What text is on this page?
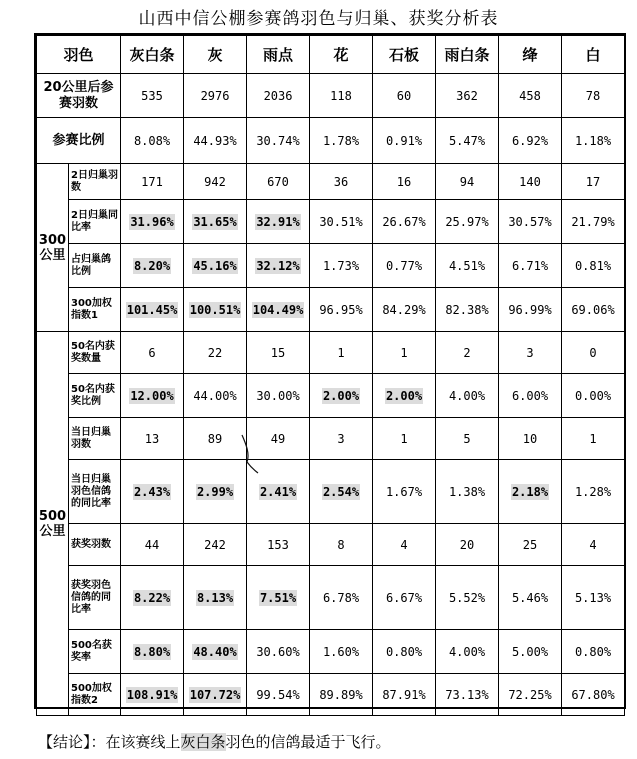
山西中信公棚参赛鸽羽色与归巢、获奖分析表
羽色		灰白条	灰	雨点	花	石板	雨白条	绛	白
20公里后参赛羽数		535	2976	2036	118	60	362	458	78
参赛比例		8.08%	44.93%	30.74%	1.78%	0.91%	5.47%	6.92%	1.18%
300公里	2日归巢羽数	171	942	670	36	16	94	140	17
	2日归巢同比率	31.96%	31.65%	32.91%	30.51%	26.67%	25.97%	30.57%	21.79%
	占归巢鸽比例	8.20%	45.16%	32.12%	1.73%	0.77%	4.51%	6.71%	0.81%
	300加权指数1	101.45%	100.51%	104.49%	96.95%	84.29%	82.38%	96.99%	69.06%
500公里	50名内获奖数量	6	22	15	1	1	2	3	0
	50名内获奖比例	12.00%	44.00%	30.00%	2.00%	2.00%	4.00%	6.00%	0.00%
	当日归巢羽数	13	89	49	3	1	5	10	1
	当日归巢羽色信鸽的同比率	2.43%	2.99%	2.41%	2.54%	1.67%	1.38%	2.18%	1.28%
	获奖羽数	44	242	153	8	4	20	25	4
	获奖羽色信鸽的同比率	8.22%	8.13%	7.51%	6.78%	6.67%	5.52%	5.46%	5.13%
	500名获奖率	8.80%	48.40%	30.60%	1.60%	0.80%	4.00%	5.00%	0.80%
	500加权指数2	108.91%	107.72%	99.54%	89.89%	87.91%	73.13%	72.25%	67.80%
【结论】：在该赛线上灰白条羽色的信鸽最适于飞行。
